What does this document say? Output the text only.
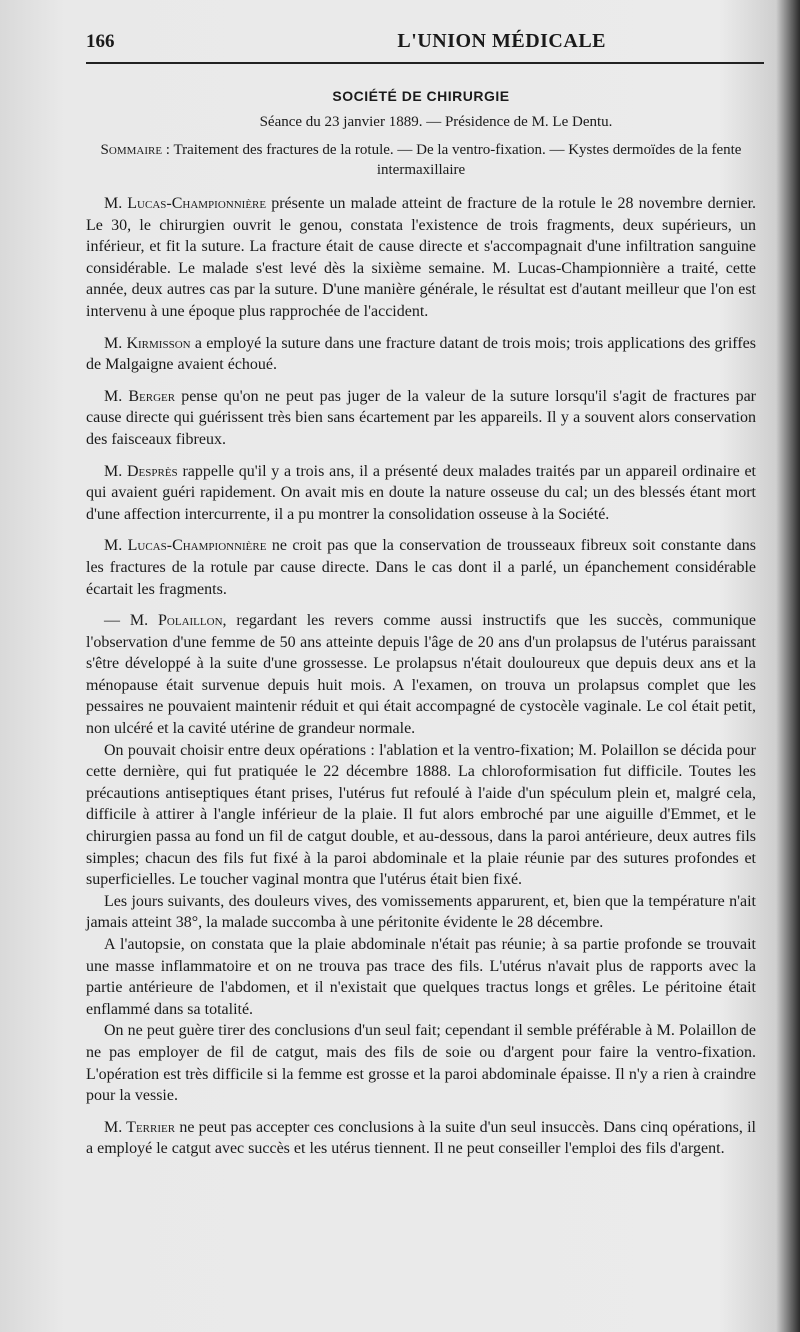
166	L'UNION MÉDICALE
SOCIÉTÉ DE CHIRURGIE
Séance du 23 janvier 1889. — Présidence de M. Le Dentu.
Sommaire : Traitement des fractures de la rotule. — De la ventro-fixation. — Kystes dermoïdes de la fente intermaxillaire

M. Lucas-Championnière présente un malade atteint de fracture de la rotule le 28 novembre dernier. Le 30, le chirurgien ouvrit le genou, constata l'existence de trois fragments, deux supérieurs, un inférieur, et fit la suture. La fracture était de cause directe et s'accompagnait d'une infiltration sanguine considérable. Le malade s'est levé dès la sixième semaine. M. Lucas-Championnière a traité, cette année, deux autres cas par la suture. D'une manière générale, le résultat est d'autant meilleur que l'on est intervenu à une époque plus rapprochée de l'accident.

M. Kirmisson a employé la suture dans une fracture datant de trois mois; trois applications des griffes de Malgaigne avaient échoué.

M. Berger pense qu'on ne peut pas juger de la valeur de la suture lorsqu'il s'agit de fractures par cause directe qui guérissent très bien sans écartement par les appareils. Il y a souvent alors conservation des faisceaux fibreux.

M. Desprès rappelle qu'il y a trois ans, il a présenté deux malades traités par un appareil ordinaire et qui avaient guéri rapidement. On avait mis en doute la nature osseuse du cal; un des blessés étant mort d'une affection intercurrente, il a pu montrer la consolidation osseuse à la Société.

M. Lucas-Championnière ne croit pas que la conservation de trousseaux fibreux soit constante dans les fractures de la rotule par cause directe. Dans le cas dont il a parlé, un épanchement considérable écartait les fragments.

— M. Polaillon, regardant les revers comme aussi instructifs que les succès, communique l'observation d'une femme de 50 ans atteinte depuis l'âge de 20 ans d'un prolapsus de l'utérus paraissant s'être développé à la suite d'une grossesse. Le prolapsus n'était douloureux que depuis deux ans et la ménopause était survenue depuis huit mois. A l'examen, on trouva un prolapsus complet que les pessaires ne pouvaient maintenir réduit et qui était accompagné de cystocèle vaginale. Le col était petit, non ulcéré et la cavité utérine de grandeur normale.

On pouvait choisir entre deux opérations : l'ablation et la ventro-fixation; M. Polaillon se décida pour cette dernière, qui fut pratiquée le 22 décembre 1888. La chloroformisation fut difficile. Toutes les précautions antiseptiques étant prises, l'utérus fut refoulé à l'aide d'un spéculum plein et, malgré cela, difficile à attirer à l'angle inférieur de la plaie. Il fut alors embroché par une aiguille d'Emmet, et le chirurgien passa au fond un fil de catgut double, et au-dessous, dans la paroi antérieure, deux autres fils simples; chacun des fils fut fixé à la paroi abdominale et la plaie réunie par des sutures profondes et superficielles. Le toucher vaginal montra que l'utérus était bien fixé.

Les jours suivants, des douleurs vives, des vomissements apparurent, et, bien que la température n'ait jamais atteint 38°, la malade succomba à une péritonite évidente le 28 décembre.

A l'autopsie, on constata que la plaie abdominale n'était pas réunie; à sa partie profonde se trouvait une masse inflammatoire et on ne trouva pas trace des fils. L'utérus n'avait plus de rapports avec la partie antérieure de l'abdomen, et il n'existait que quelques tractus longs et grêles. Le péritoine était enflammé dans sa totalité.

On ne peut guère tirer des conclusions d'un seul fait; cependant il semble préférable à M. Polaillon de ne pas employer de fil de catgut, mais des fils de soie ou d'argent pour faire la ventro-fixation. L'opération est très difficile si la femme est grosse et la paroi abdominale épaisse. Il n'y a rien à craindre pour la vessie.

M. Terrier ne peut pas accepter ces conclusions à la suite d'un seul insuccès. Dans cinq opérations, il a employé le catgut avec succès et les utérus tiennent. Il ne peut conseiller l'emploi des fils d'argent.
